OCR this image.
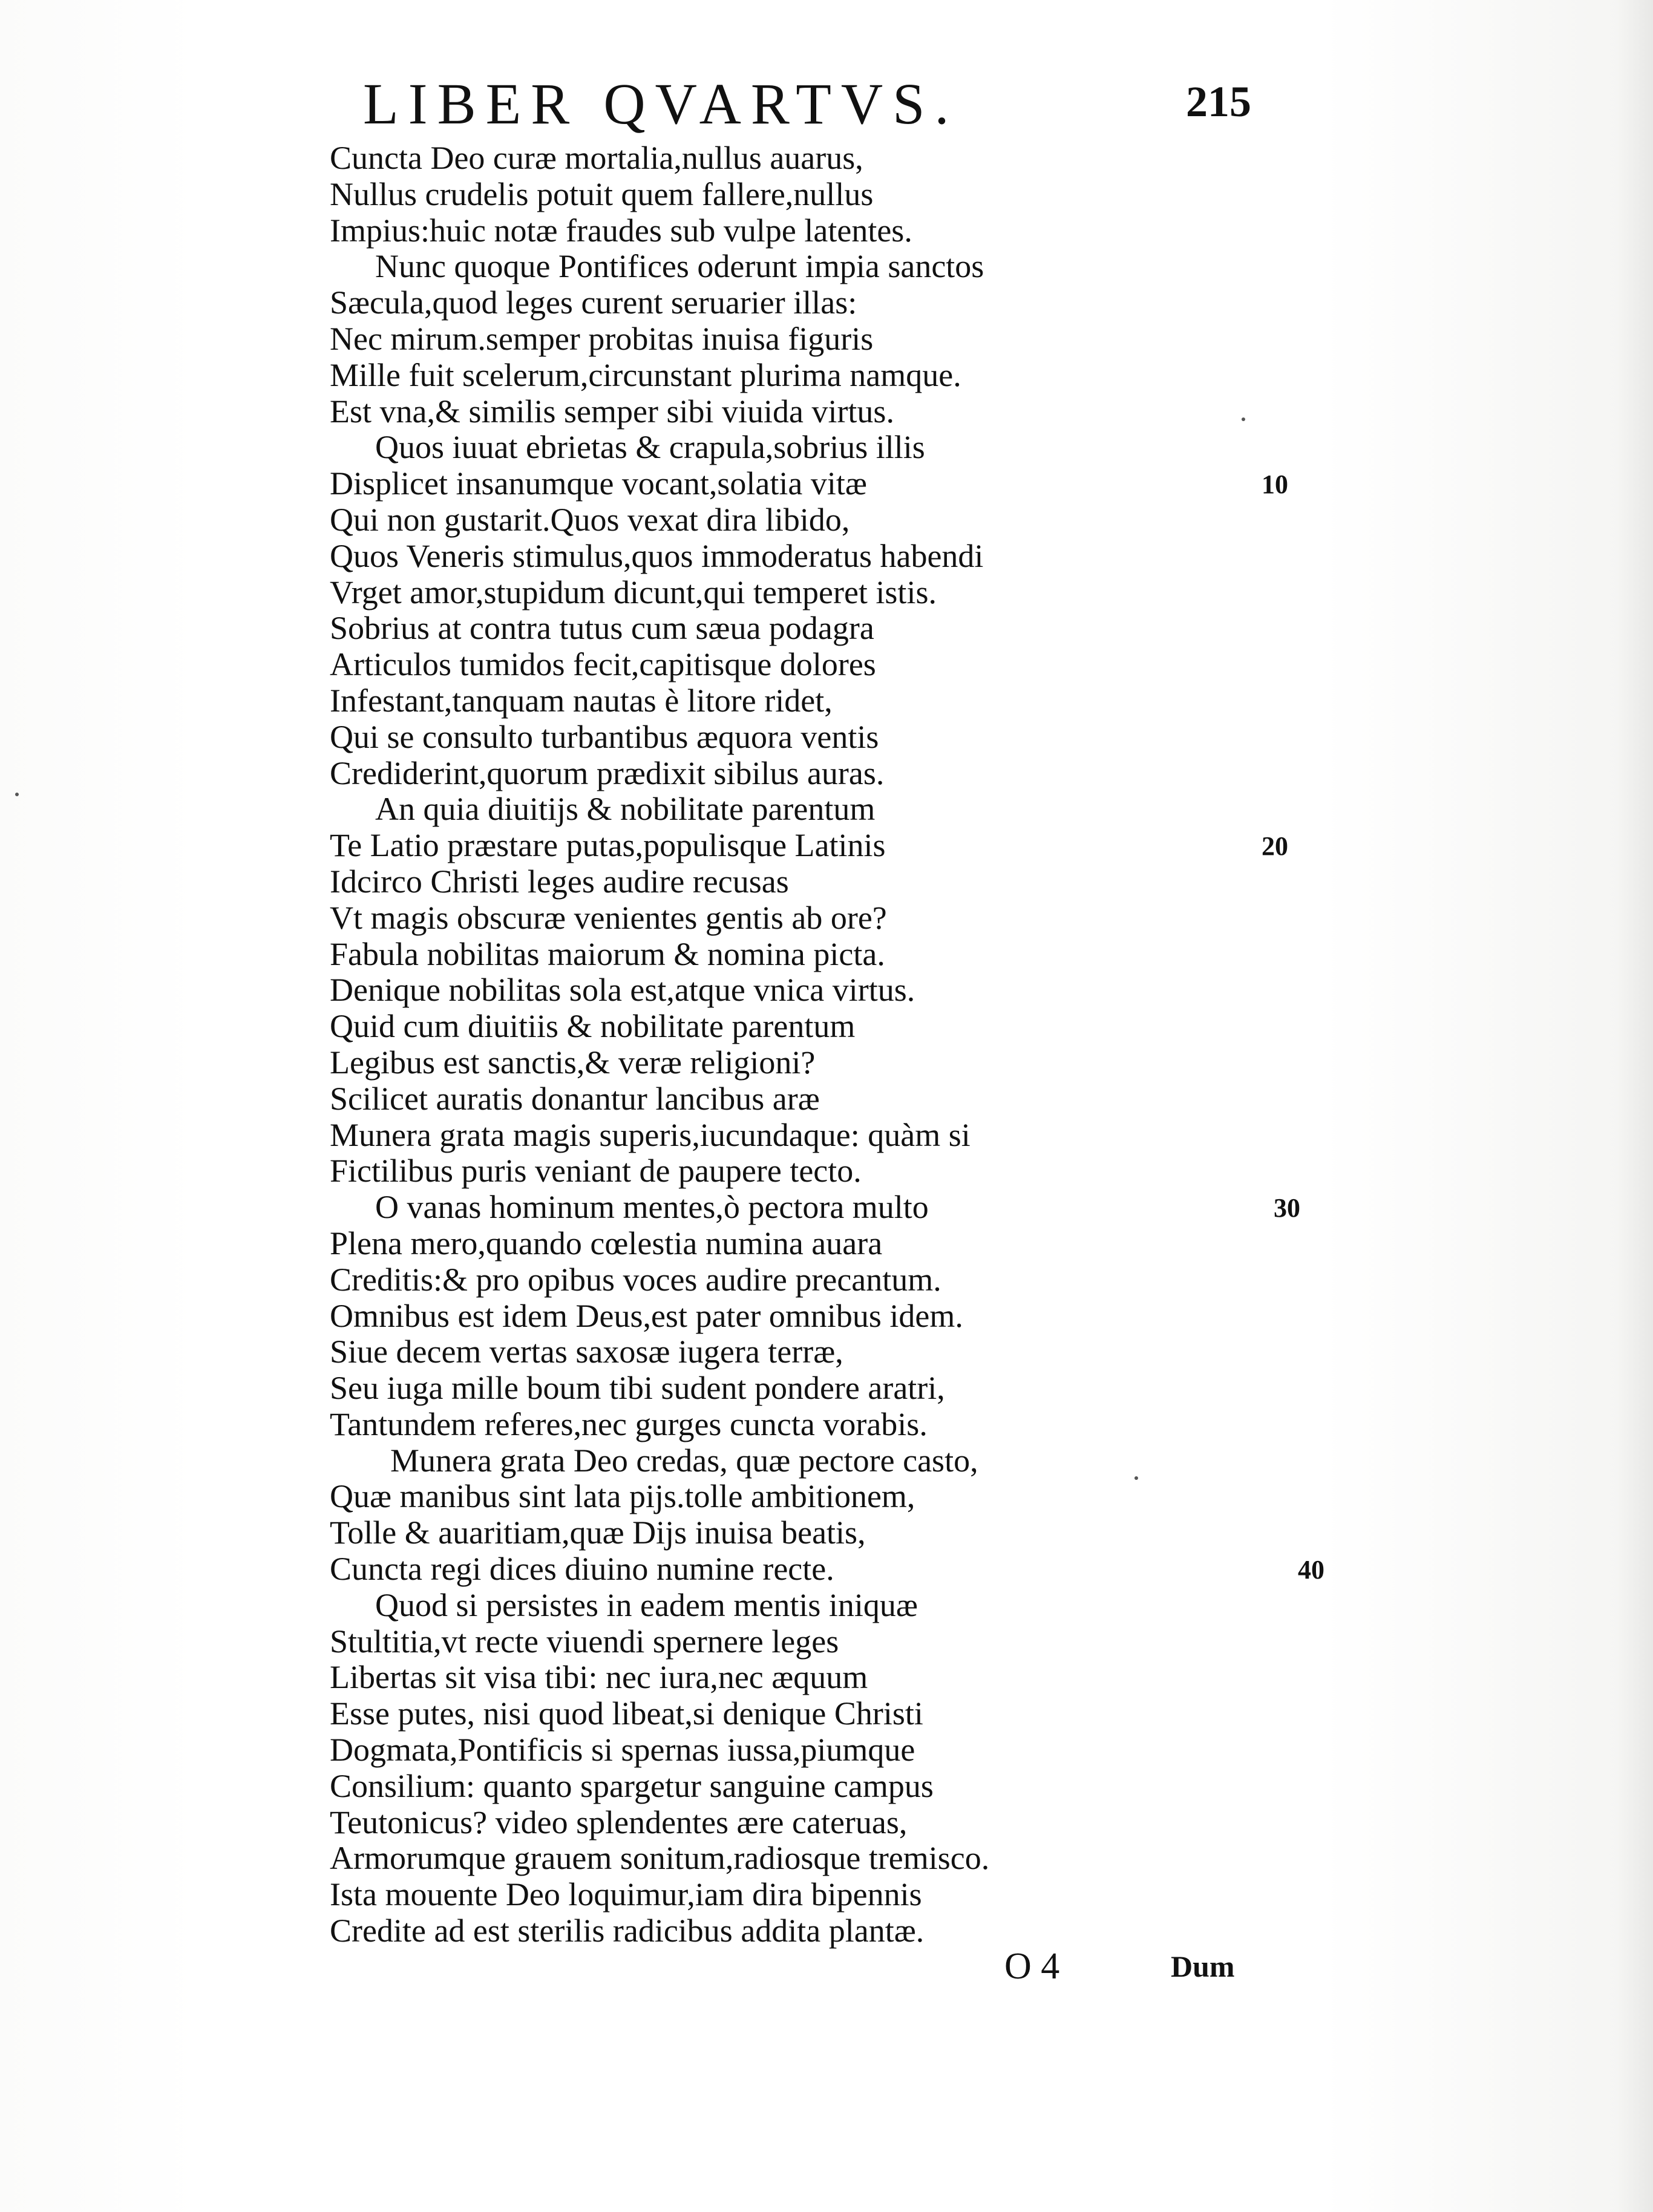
LIBER QVARTVS.	215
Cuncta Deo curæ mortalia,nullus auarus,
Nullus crudelis potuit quem fallere,nullus
Impius:huic notæ fraudes sub vulpe latentes.
Nunc quoque Pontifices oderunt impia sanctos
Sæcula,quod leges curent seruarier illas:
Nec mirum.semper probitas inuisa figuris
Mille fuit scelerum,circunstant plurima namque.
Est vna,& similis semper sibi viuida virtus.
Quos iuuat ebrietas & crapula,sobrius illis
Displicet insanumque vocant,solatia vitæ
Qui non gustarit.Quos vexat dira libido,
Quos Veneris stimulus,quos immoderatus habendi
Vrget amor,stupidum dicunt,qui temperet istis.
Sobrius at contra tutus cum sæua podagra
Articulos tumidos fecit,capitisque dolores
Infestant,tanquam nautas è litore ridet,
Qui se consulto turbantibus æquora ventis
Crediderint,quorum prædixit sibilus auras.
An quia diuitijs & nobilitate parentum
Te Latio præstare putas,populisque Latinis
Idcirco Christi leges audire recusas
Vt magis obscuræ venientes gentis ab ore?
Fabula nobilitas maiorum & nomina picta.
Denique nobilitas sola est,atque vnica virtus.
Quid cum diuitiis & nobilitate parentum
Legibus est sanctis,& veræ religioni?
Scilicet auratis donantur lancibus aræ
Munera grata magis superis,iucundaque: quàm si
Fictilibus puris veniant de paupere tecto.
O vanas hominum mentes,ò pectora multo
Plena mero,quando cœlestia numina auara
Creditis:& pro opibus voces audire precantum.
Omnibus est idem Deus,est pater omnibus idem.
Siue decem vertas saxosæ iugera terræ,
Seu iuga mille boum tibi sudent pondere aratri,
Tantundem referes,nec gurges cuncta vorabis.
Munera grata Deo credas, quæ pectore casto,
Quæ manibus sint lata pijs.tolle ambitionem,
Tolle & auaritiam,quæ Dijs inuisa beatis,
Cuncta regi dices diuino numine recte.
Quod si persistes in eadem mentis iniquæ
Stultitia,vt recte viuendi spernere leges
Libertas sit visa tibi: nec iura,nec æquum
Esse putes, nisi quod libeat,si denique Christi
Dogmata,Pontificis si spernas iussa,piumque
Consilium: quanto spargetur sanguine campus
Teutonicus? video splendentes ære cateruas,
Armorumque grauem sonitum,radiosque tremisco.
Ista mouente Deo loquimur,iam dira bipennis
Credite ad est sterilis radicibus addita plantæ.
10
20
30
40
O 4	Dum
